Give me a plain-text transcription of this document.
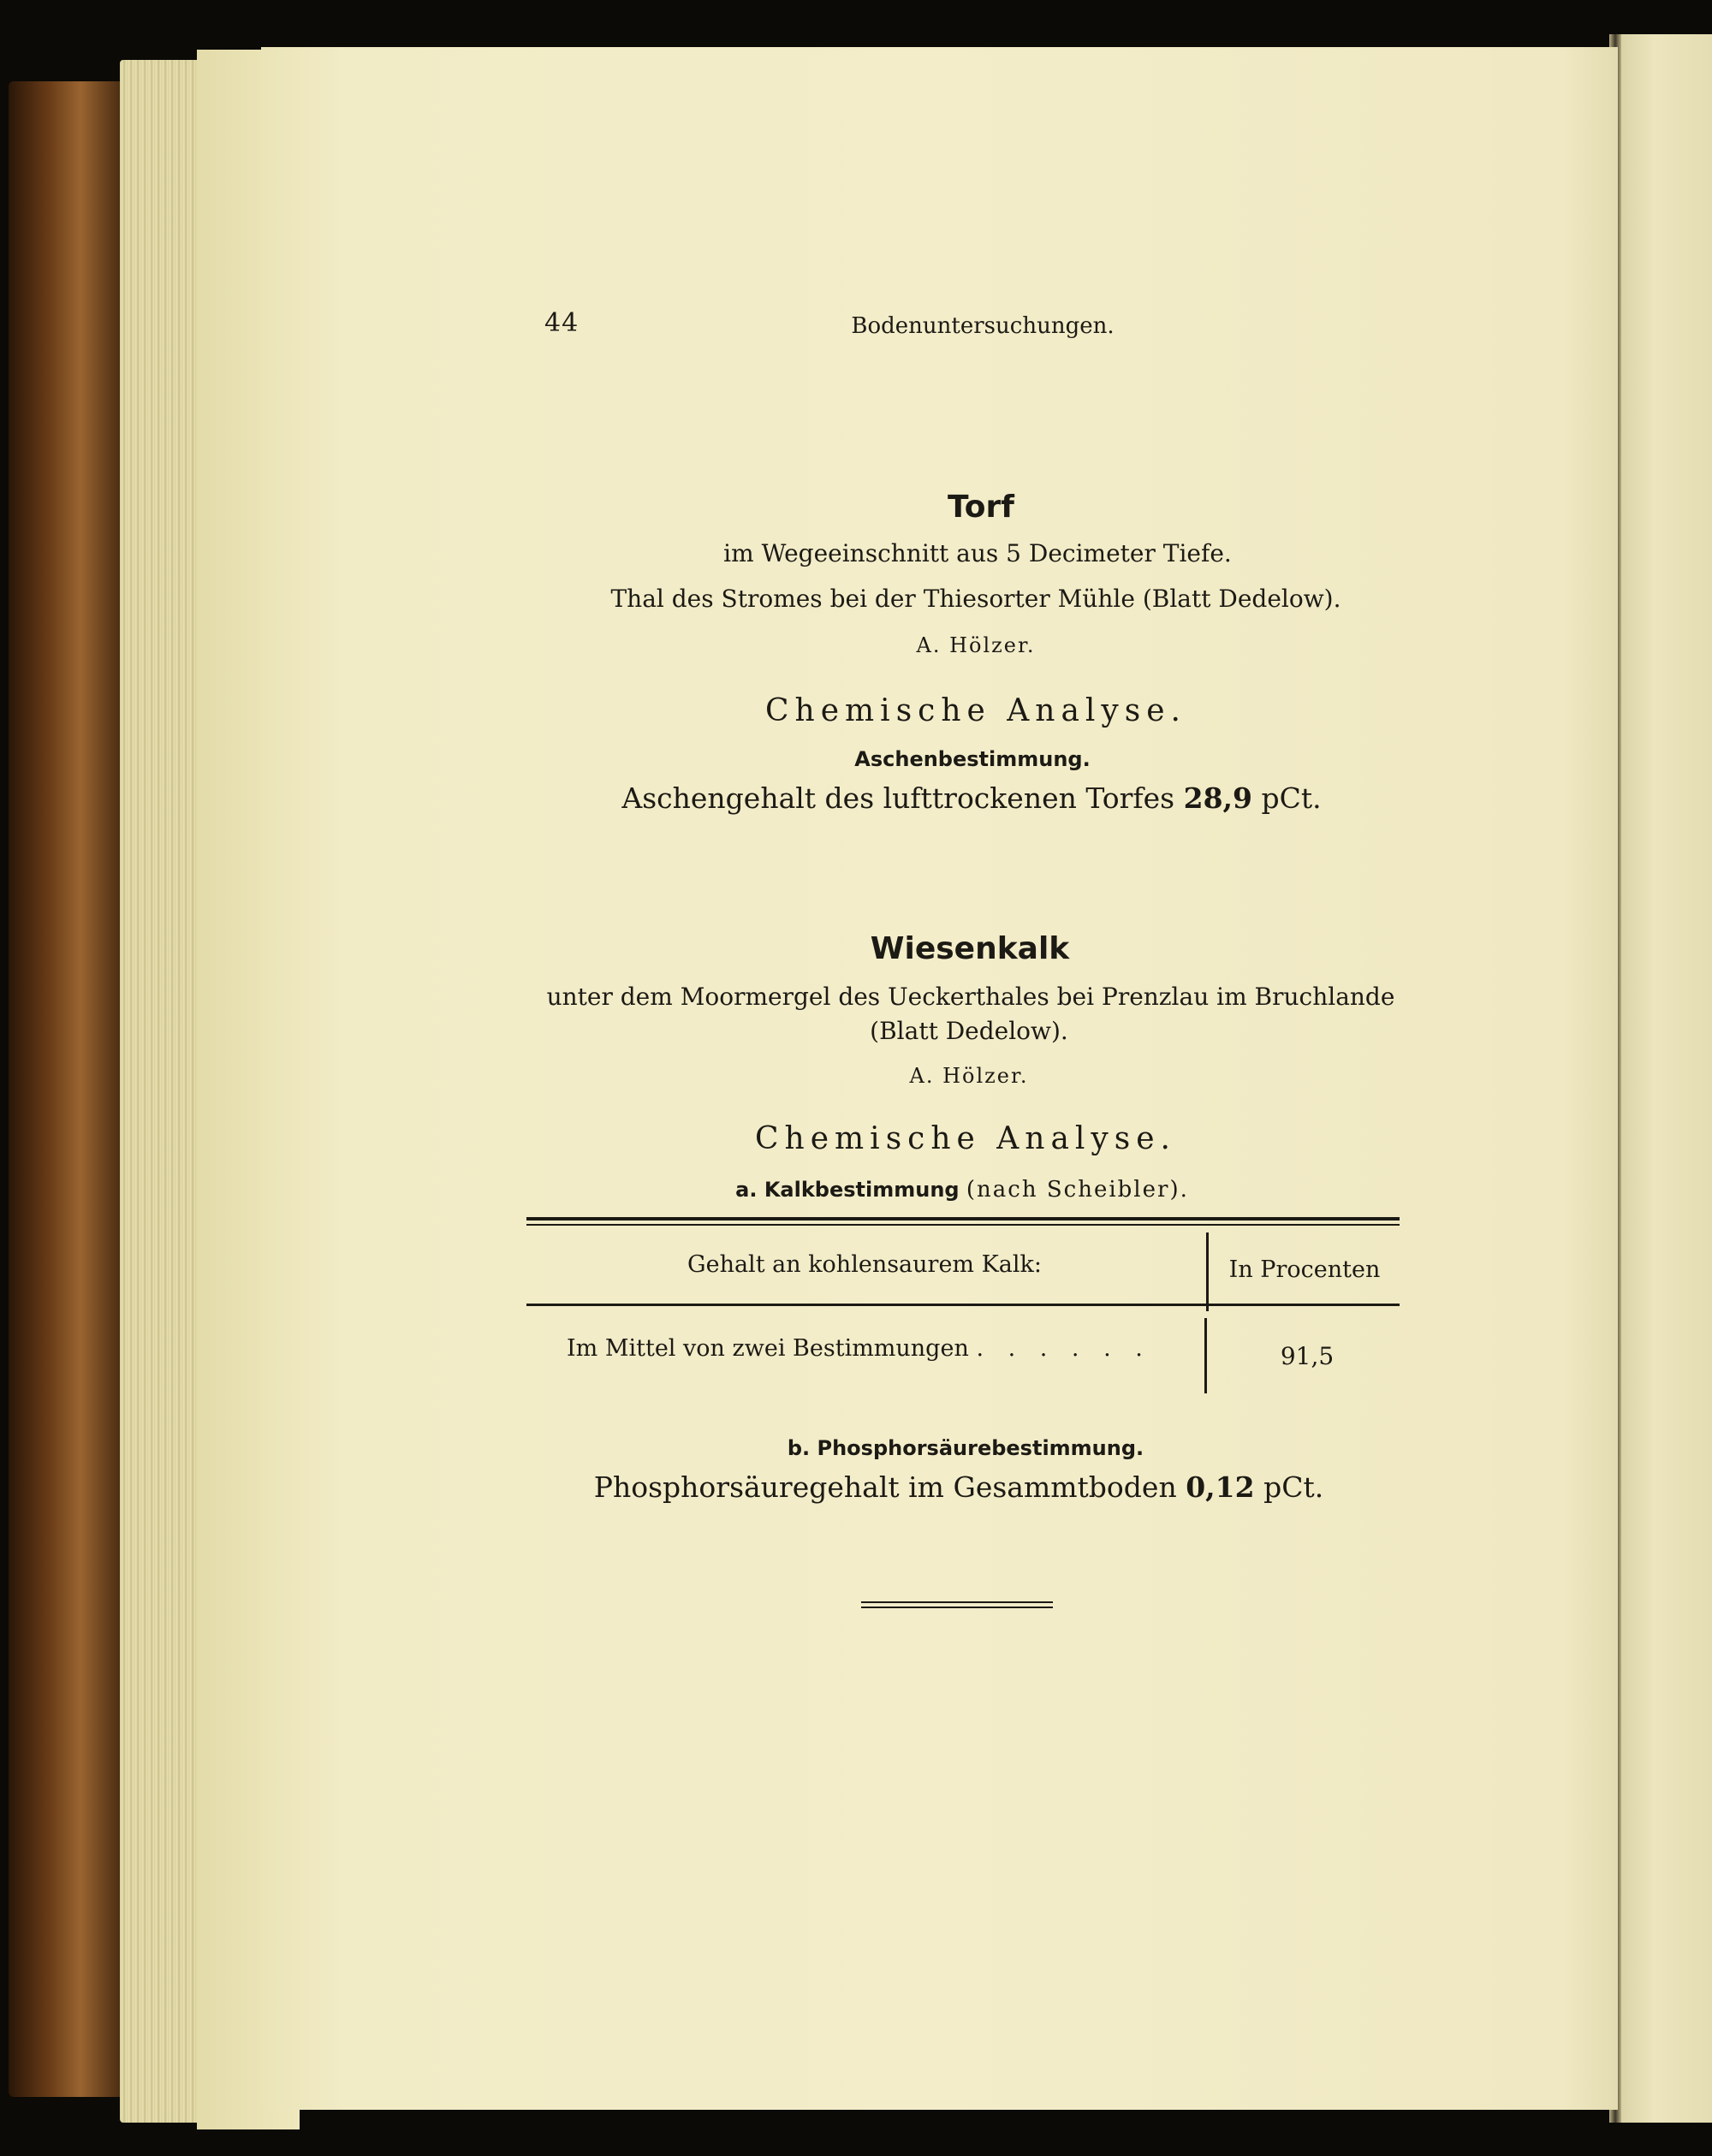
44	Bodenuntersuchungen.
Torf
im Wegeeinschnitt aus 5 Decimeter Tiefe.
Thal des Stromes bei der Thiesorter Mühle (Blatt Dedelow).
A. Hölzer.
Chemische Analyse.
Aschenbestimmung.
Aschengehalt des lufttrockenen Torfes 28,9 pCt.
Wiesenkalk
unter dem Moormergel des Ueckerthales bei Prenzlau im Bruchlande
(Blatt Dedelow).
A. Hölzer.
Chemische Analyse.
a. Kalkbestimmung (nach Scheibler).
Gehalt an kohlensaurem Kalk:	In Procenten
Im Mittel von zwei Bestimmungen . . . . . .	91,5
b. Phosphorsäurebestimmung.
Phosphorsäuregehalt im Gesammtboden 0,12 pCt.
